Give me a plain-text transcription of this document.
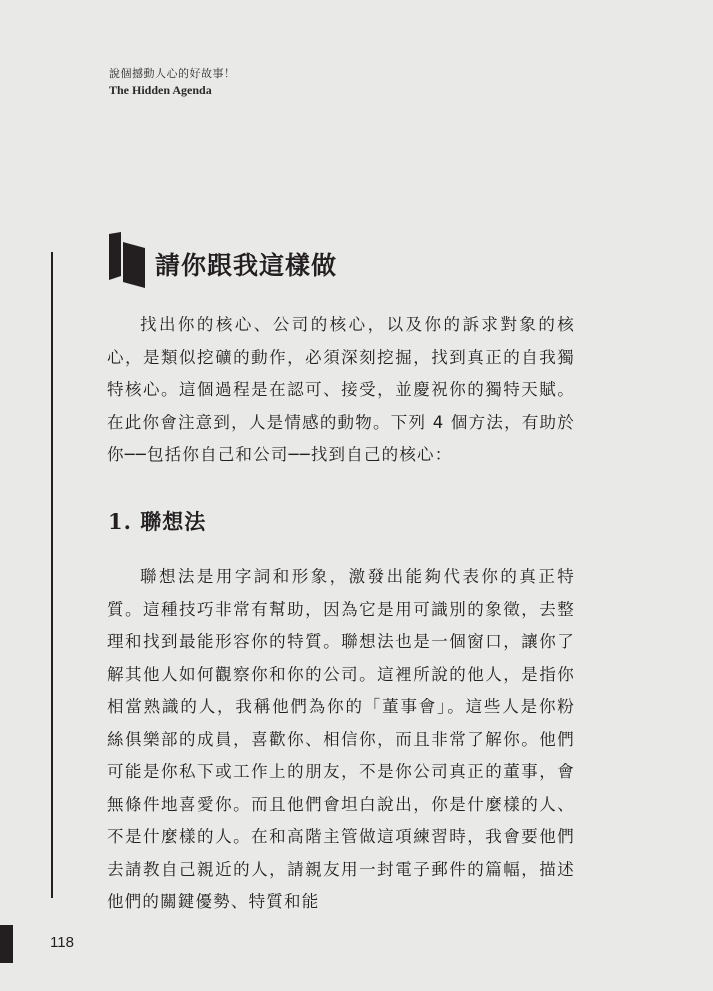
說個撼動人心的好故事！
The Hidden Agenda
請你跟我這樣做
找出你的核心、公司的核心，以及你的訴求對象的核心，是類似挖礦的動作，必須深刻挖掘，找到真正的自我獨特核心。這個過程是在認可、接受，並慶祝你的獨特天賦。在此你會注意到，人是情感的動物。下列 4 個方法，有助於你──包括你自己和公司──找到自己的核心：
1. 聯想法
聯想法是用字詞和形象，激發出能夠代表你的真正特質。這種技巧非常有幫助，因為它是用可識別的象徵，去整理和找到最能形容你的特質。聯想法也是一個窗口，讓你了解其他人如何觀察你和你的公司。這裡所說的他人，是指你相當熟識的人，我稱他們為你的「董事會」。這些人是你粉絲俱樂部的成員，喜歡你、相信你，而且非常了解你。他們可能是你私下或工作上的朋友，不是你公司真正的董事，會無條件地喜愛你。而且他們會坦白說出，你是什麼樣的人、不是什麼樣的人。在和高階主管做這項練習時，我會要他們去請教自己親近的人，請親友用一封電子郵件的篇幅，描述他們的關鍵優勢、特質和能
118
